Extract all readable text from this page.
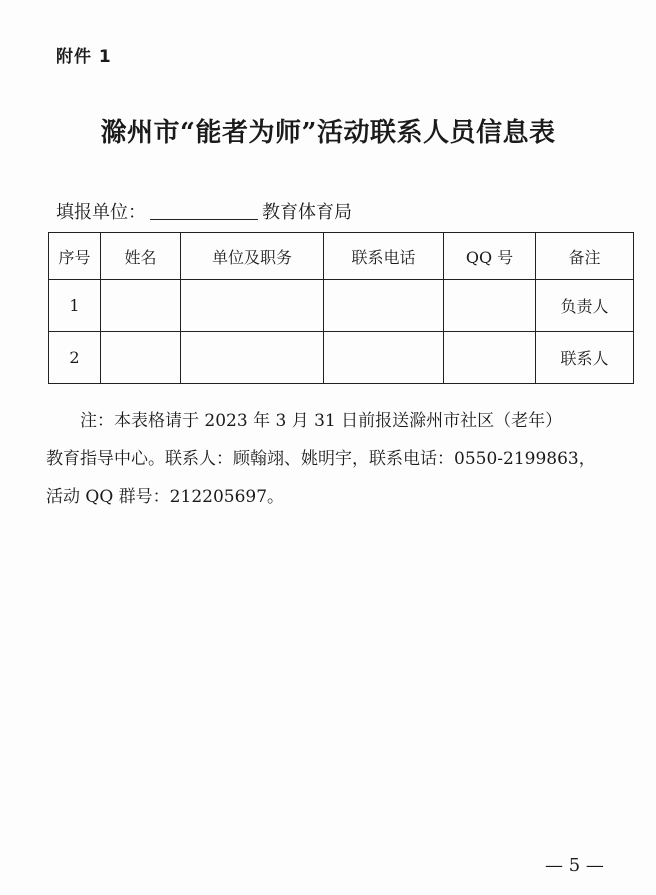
附件 1
滁州市“能者为师”活动联系人员信息表
填报单位：	教育体育局
序号	姓名	单位及职务	联系电话	QQ 号	备注
1					负责人
2					联系人

注：本表格请于 2023 年 3 月 31 日前报送滁州市社区（老年）

教育指导中心。联系人：顾翰翊、姚明宇，联系电话：0550-2199863，

活动 QQ 群号：212205697。

— 5 —
